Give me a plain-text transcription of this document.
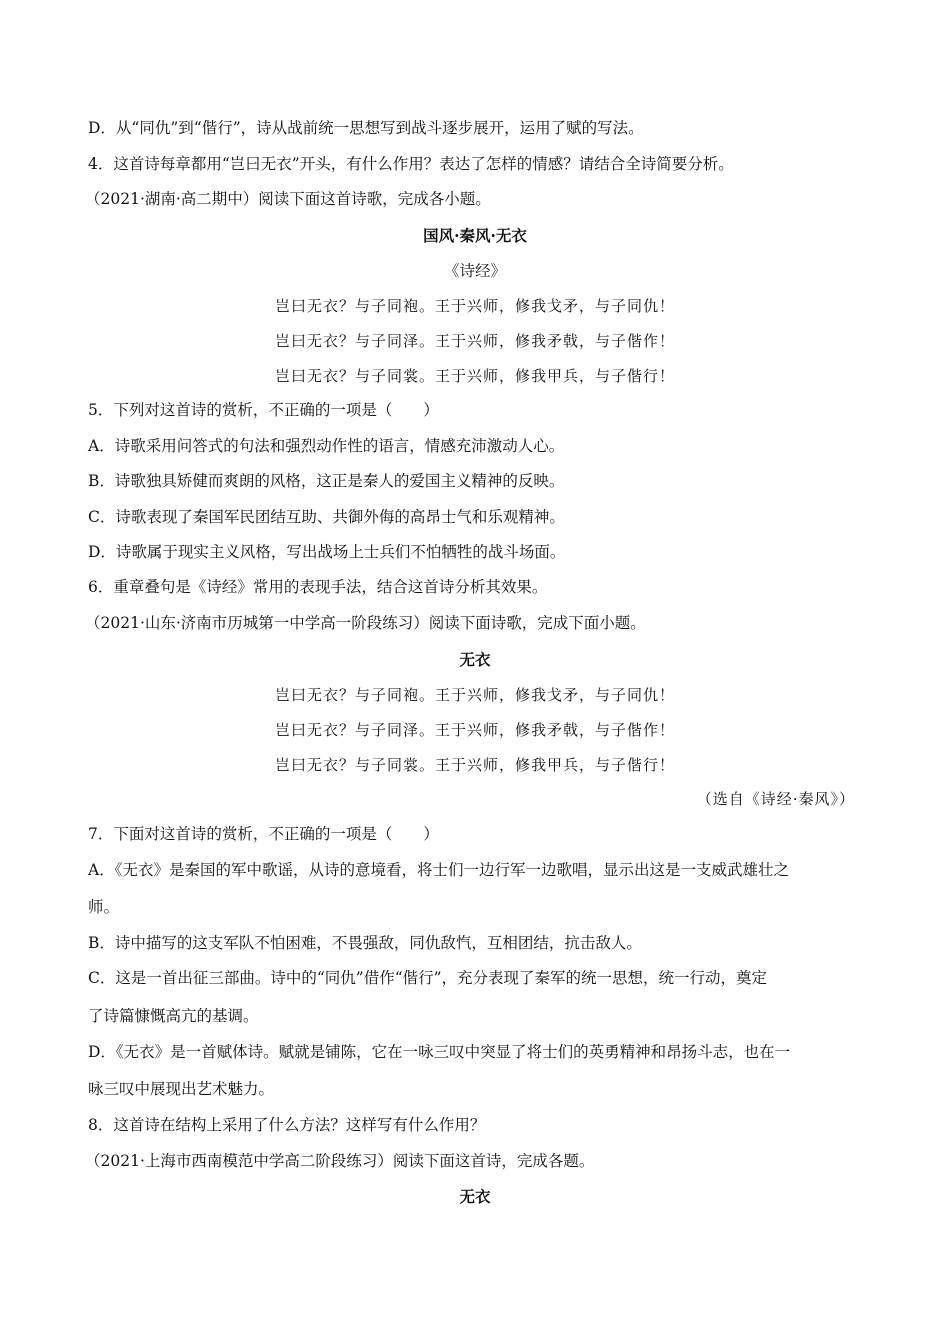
D．从“同仇”到“偕行”，诗从战前统一思想写到战斗逐步展开，运用了赋的写法。
4．这首诗每章都用“岂曰无衣”开头，有什么作用？表达了怎样的情感？请结合全诗简要分析。
（2021·湖南·高二期中）阅读下面这首诗歌，完成各小题。
国风·秦风·无衣
《诗经》
岂曰无衣？与子同袍。王于兴师，修我戈矛，与子同仇！
岂曰无衣？与子同泽。王于兴师，修我矛戟，与子偕作！
岂曰无衣？与子同裳。王于兴师，修我甲兵，与子偕行！
5．下列对这首诗的赏析，不正确的一项是（　　）
A．诗歌采用问答式的句法和强烈动作性的语言，情感充沛激动人心。
B．诗歌独具矫健而爽朗的风格，这正是秦人的爱国主义精神的反映。
C．诗歌表现了秦国军民团结互助、共御外侮的高昂士气和乐观精神。
D．诗歌属于现实主义风格，写出战场上士兵们不怕牺牲的战斗场面。
6．重章叠句是《诗经》常用的表现手法，结合这首诗分析其效果。
（2021·山东·济南市历城第一中学高一阶段练习）阅读下面诗歌，完成下面小题。
无衣
岂曰无衣？与子同袍。王于兴师，修我戈矛，与子同仇！
岂曰无衣？与子同泽。王于兴师，修我矛戟，与子偕作！
岂曰无衣？与子同裳。王于兴师，修我甲兵，与子偕行！
（选自《诗经·秦风》）
7．下面对这首诗的赏析，不正确的一项是（　　）
A．《无衣》是秦国的军中歌谣，从诗的意境看，将士们一边行军一边歌唱，显示出这是一支威武雄壮之
师。
B．诗中描写的这支军队不怕困难，不畏强敌，同仇敌忾，互相团结，抗击敌人。
C．这是一首出征三部曲。诗中的“同仇”借作“偕行”，充分表现了秦军的统一思想，统一行动，奠定
了诗篇慷慨高亢的基调。
D．《无衣》是一首赋体诗。赋就是铺陈，它在一咏三叹中突显了将士们的英勇精神和昂扬斗志，也在一
咏三叹中展现出艺术魅力。
8．这首诗在结构上采用了什么方法？这样写有什么作用？
（2021·上海市西南模范中学高二阶段练习）阅读下面这首诗，完成各题。
无衣
